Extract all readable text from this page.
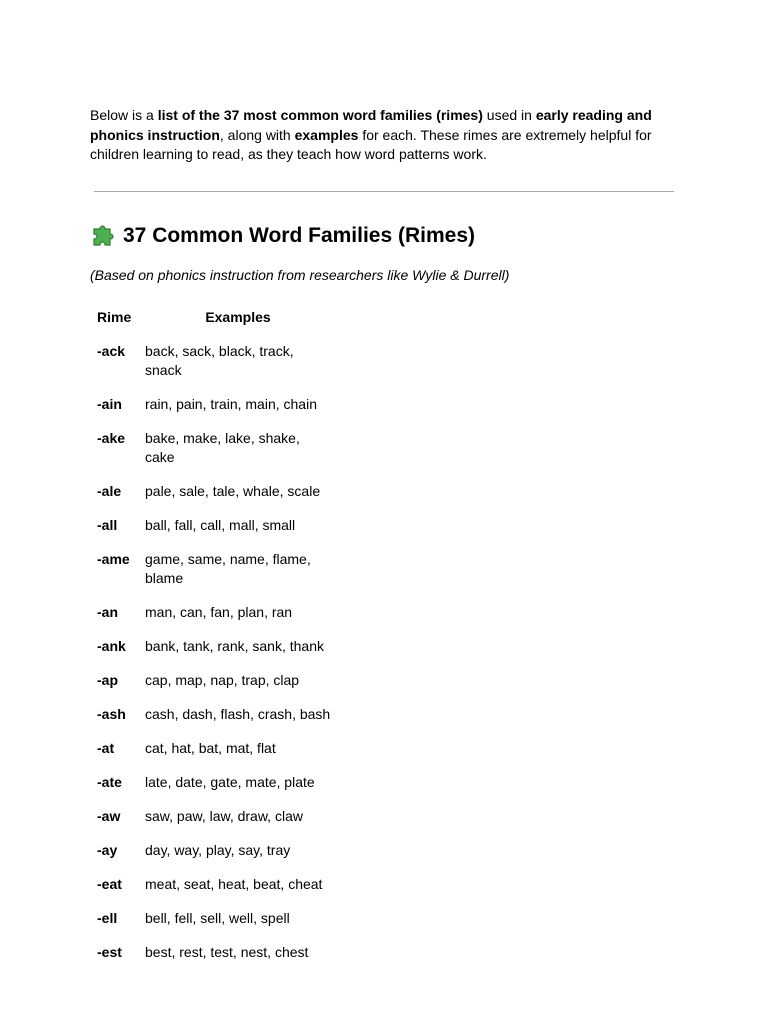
Below is a list of the 37 most common word families (rimes) used in early reading and phonics instruction, along with examples for each. These rimes are extremely helpful for children learning to read, as they teach how word patterns work.

37 Common Word Families (Rimes)

(Based on phonics instruction from researchers like Wylie & Durrell)

Rime	Examples
-ack	back, sack, black, track, snack
-ain	rain, pain, train, main, chain
-ake	bake, make, lake, shake, cake
-ale	pale, sale, tale, whale, scale
-all	ball, fall, call, mall, small
-ame	game, same, name, flame, blame
-an	man, can, fan, plan, ran
-ank	bank, tank, rank, sank, thank
-ap	cap, map, nap, trap, clap
-ash	cash, dash, flash, crash, bash
-at	cat, hat, bat, mat, flat
-ate	late, date, gate, mate, plate
-aw	saw, paw, law, draw, claw
-ay	day, way, play, say, tray
-eat	meat, seat, heat, beat, cheat
-ell	bell, fell, sell, well, spell
-est	best, rest, test, nest, chest
